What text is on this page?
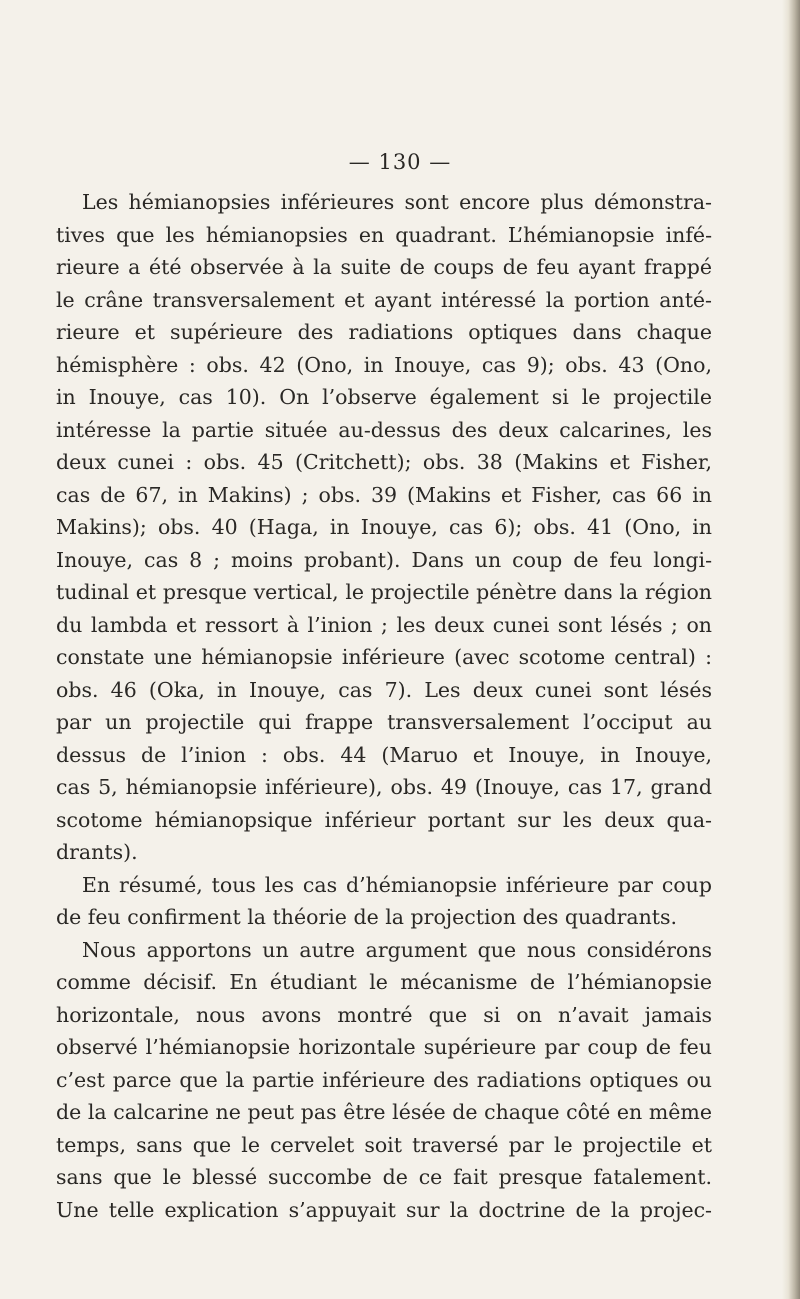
— 130 —
Les hémianopsies inférieures sont encore plus démonstra-
tives que les hémianopsies en quadrant. L’hémianopsie infé-
rieure a été observée à la suite de coups de feu ayant frappé
le crâne transversalement et ayant intéressé la portion anté-
rieure et supérieure des radiations optiques dans chaque
hémisphère : obs. 42 (Ono, in Inouye, cas 9); obs. 43 (Ono,
in Inouye, cas 10). On l’observe également si le projectile
intéresse la partie située au-dessus des deux calcarines, les
deux cunei : obs. 45 (Critchett); obs. 38 (Makins et Fisher,
cas de 67, in Makins) ; obs. 39 (Makins et Fisher, cas 66 in
Makins); obs. 40 (Haga, in Inouye, cas 6); obs. 41 (Ono, in
Inouye, cas 8 ; moins probant). Dans un coup de feu longi-
tudinal et presque vertical, le projectile pénètre dans la région
du lambda et ressort à l’inion ; les deux cunei sont lésés ; on
constate une hémianopsie inférieure (avec scotome central) :
obs. 46 (Oka, in Inouye, cas 7). Les deux cunei sont lésés
par un projectile qui frappe transversalement l’occiput au
dessus de l’inion : obs. 44 (Maruo et Inouye, in Inouye,
cas 5, hémianopsie inférieure), obs. 49 (Inouye, cas 17, grand
scotome hémianopsique inférieur portant sur les deux qua-
drants).
En résumé, tous les cas d’hémianopsie inférieure par coup
de feu confirment la théorie de la projection des quadrants.
Nous apportons un autre argument que nous considérons
comme décisif. En étudiant le mécanisme de l’hémianopsie
horizontale, nous avons montré que si on n’avait jamais
observé l’hémianopsie horizontale supérieure par coup de feu
c’est parce que la partie inférieure des radiations optiques ou
de la calcarine ne peut pas être lésée de chaque côté en même
temps, sans que le cervelet soit traversé par le projectile et
sans que le blessé succombe de ce fait presque fatalement.
Une telle explication s’appuyait sur la doctrine de la projec-
